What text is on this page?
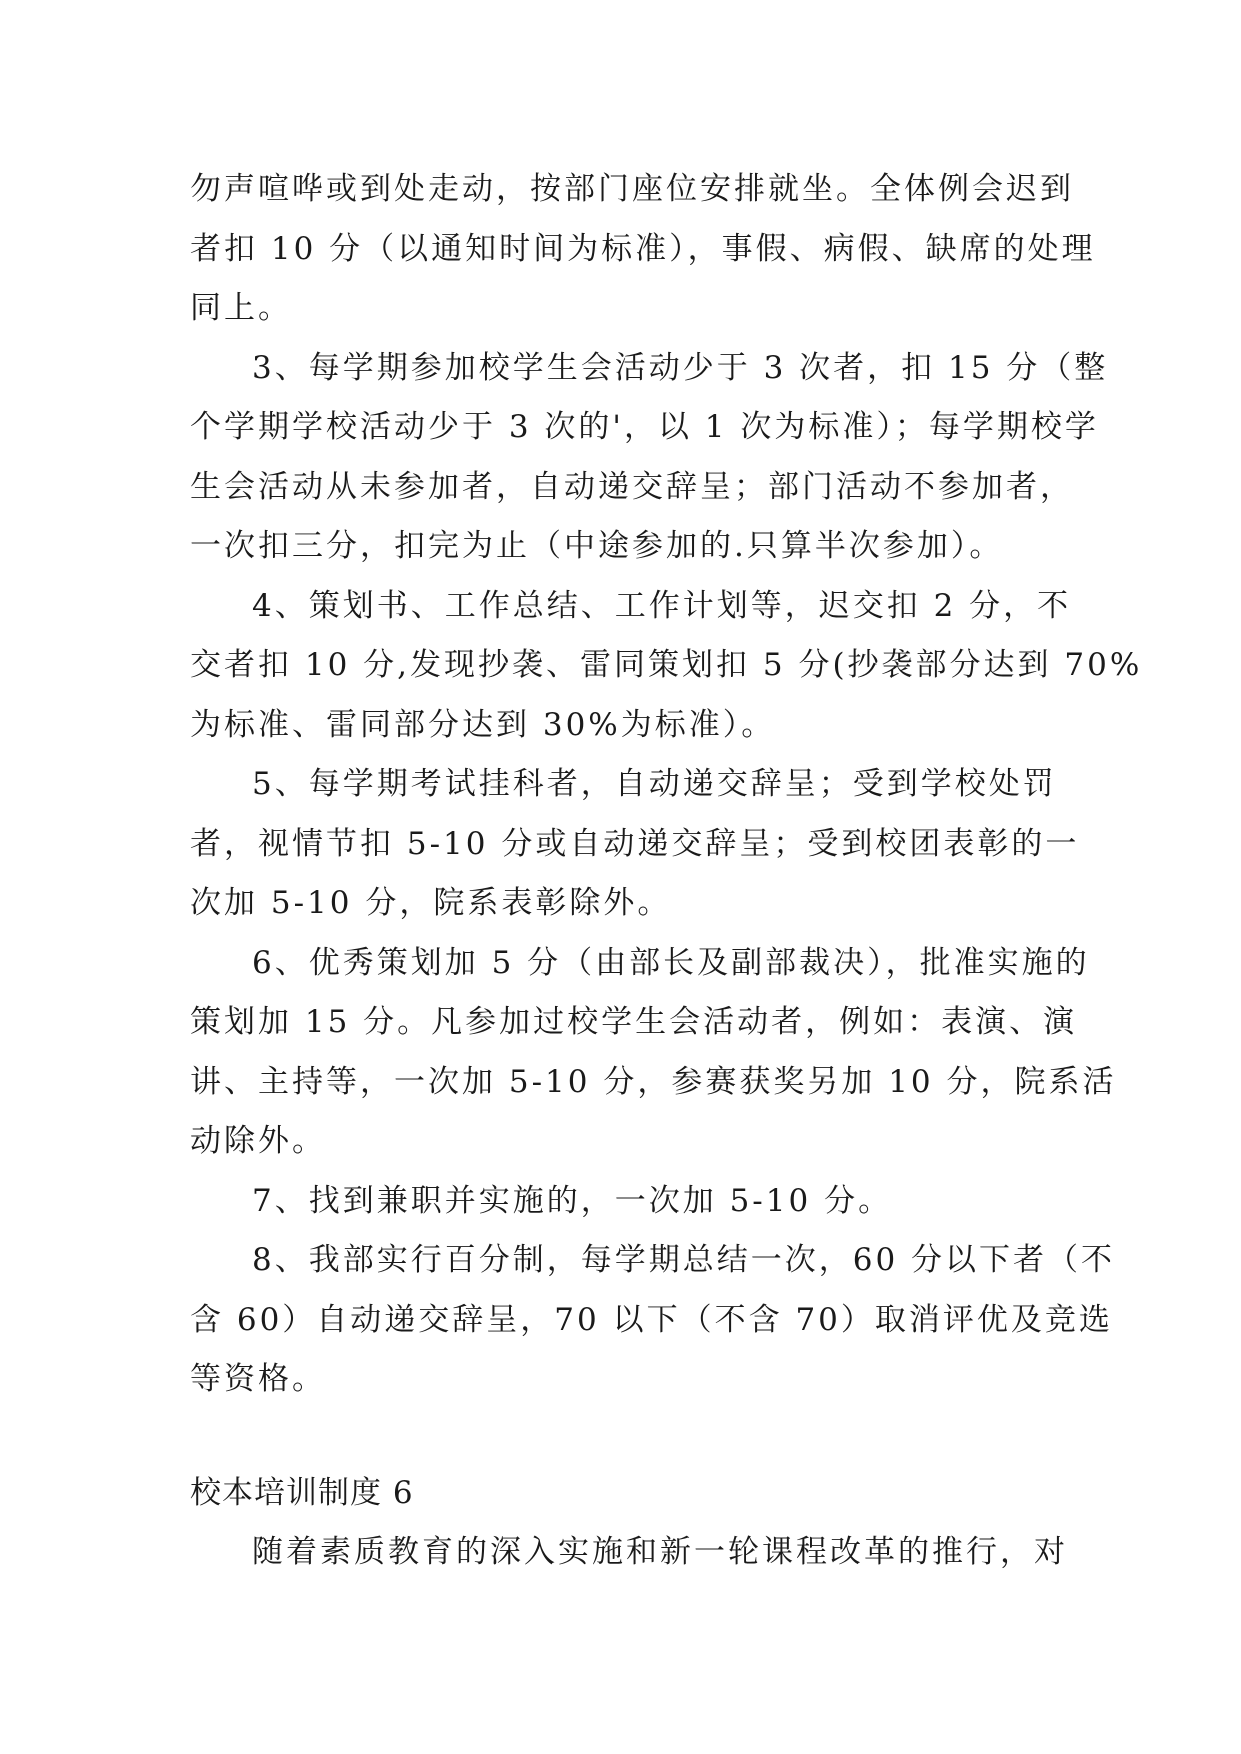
勿声喧哗或到处走动，按部门座位安排就坐。全体例会迟到
者扣 10 分（以通知时间为标准），事假、病假、缺席的处理
同上。
3、每学期参加校学生会活动少于 3 次者，扣 15 分（整
个学期学校活动少于 3 次的'，以 1 次为标准）；每学期校学
生会活动从未参加者，自动递交辞呈；部门活动不参加者，
一次扣三分，扣完为止（中途参加的.只算半次参加）。
4、策划书、工作总结、工作计划等，迟交扣 2 分，不
交者扣 10 分,发现抄袭、雷同策划扣 5 分(抄袭部分达到 70%
为标准、雷同部分达到 30%为标准）。
5、每学期考试挂科者，自动递交辞呈；受到学校处罚
者，视情节扣 5-10 分或自动递交辞呈；受到校团表彰的一
次加 5-10 分，院系表彰除外。
6、优秀策划加 5 分（由部长及副部裁决），批准实施的
策划加 15 分。凡参加过校学生会活动者，例如：表演、演
讲、主持等，一次加 5-10 分，参赛获奖另加 10 分，院系活
动除外。
7、找到兼职并实施的，一次加 5-10 分。
8、我部实行百分制，每学期总结一次，60 分以下者（不
含 60）自动递交辞呈，70 以下（不含 70）取消评优及竞选
等资格。
校本培训制度 6
随着素质教育的深入实施和新一轮课程改革的推行，对
